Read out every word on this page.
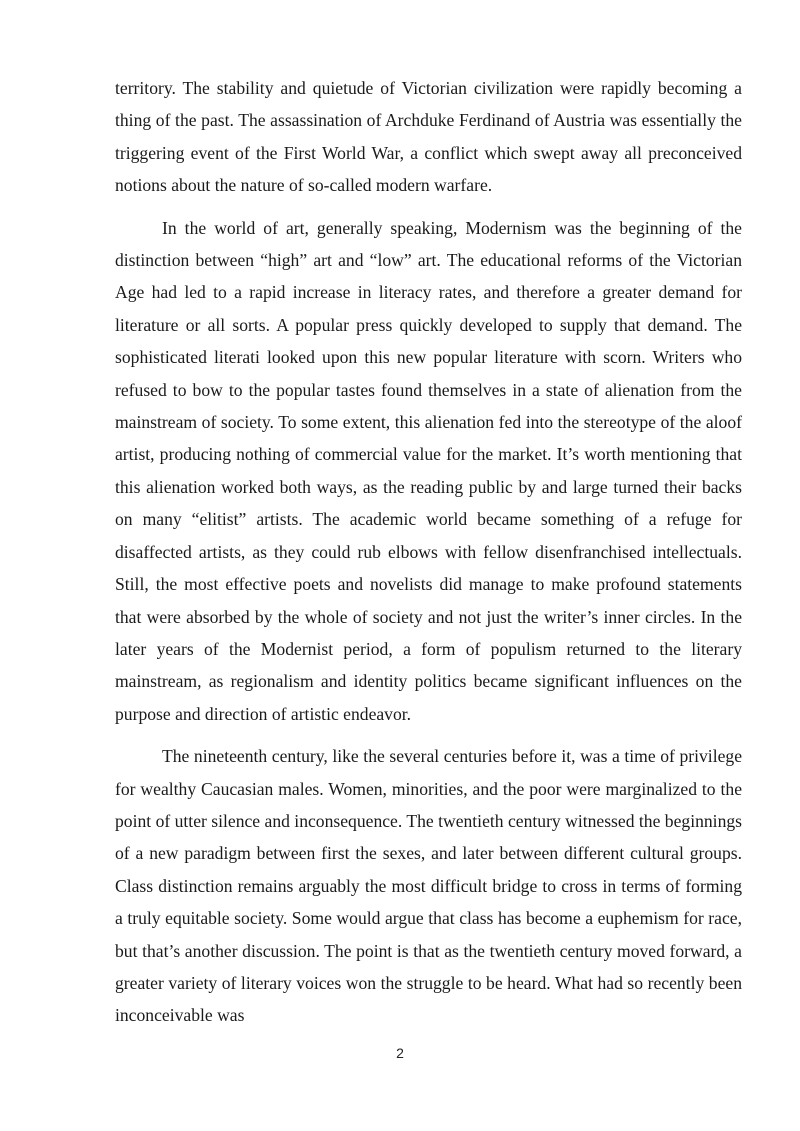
territory. The stability and quietude of Victorian civilization were rapidly becoming a thing of the past. The assassination of Archduke Ferdinand of Austria was essentially the triggering event of the First World War, a conflict which swept away all preconceived notions about the nature of so-called modern warfare.

In the world of art, generally speaking, Modernism was the beginning of the distinction between “high” art and “low” art. The educational reforms of the Victorian Age had led to a rapid increase in literacy rates, and therefore a greater demand for literature or all sorts. A popular press quickly developed to supply that demand. The sophisticated literati looked upon this new popular literature with scorn. Writers who refused to bow to the popular tastes found themselves in a state of alienation from the mainstream of society. To some extent, this alienation fed into the stereotype of the aloof artist, producing nothing of commercial value for the market. It’s worth mentioning that this alienation worked both ways, as the reading public by and large turned their backs on many “elitist” artists. The academic world became something of a refuge for disaffected artists, as they could rub elbows with fellow disenfranchised intellectuals. Still, the most effective poets and novelists did manage to make profound statements that were absorbed by the whole of society and not just the writer’s inner circles. In the later years of the Modernist period, a form of populism returned to the literary mainstream, as regionalism and identity politics became significant influences on the purpose and direction of artistic endeavor.

The nineteenth century, like the several centuries before it, was a time of privilege for wealthy Caucasian males. Women, minorities, and the poor were marginalized to the point of utter silence and inconsequence. The twentieth century witnessed the beginnings of a new paradigm between first the sexes, and later between different cultural groups. Class distinction remains arguably the most difficult bridge to cross in terms of forming a truly equitable society. Some would argue that class has become a euphemism for race, but that’s another discussion. The point is that as the twentieth century moved forward, a greater variety of literary voices won the struggle to be heard. What had so recently been inconceivable was

2
